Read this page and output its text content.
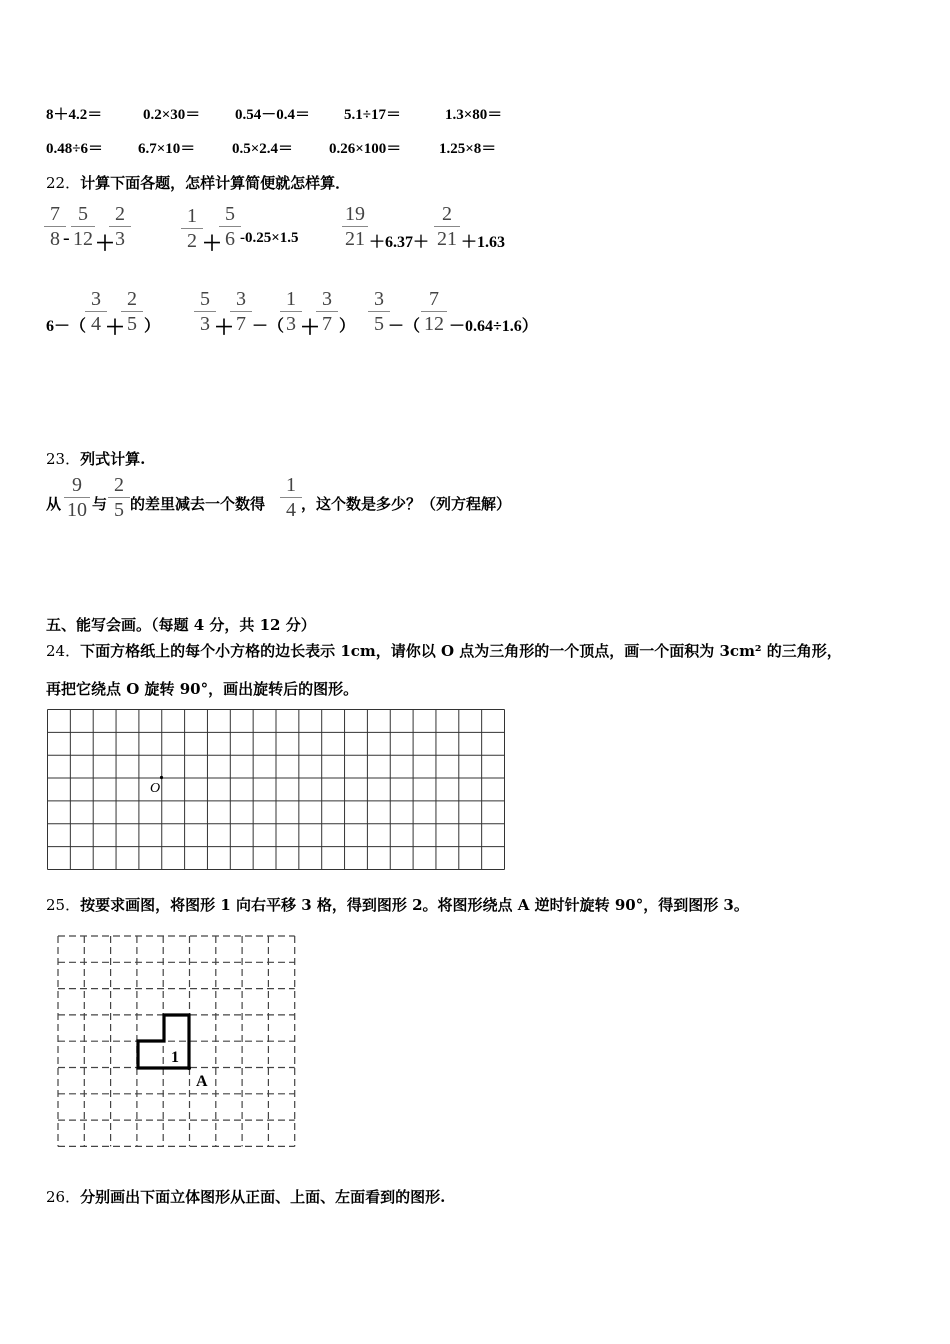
8＋4.2＝	0.2×30＝ 0.54－0.4＝ 5.1÷17＝	1.3×80＝
0.48÷6＝ 6.7×10＝ 0.5×2.4＝ 0.26×100＝	1.25×8＝
22．计算下面各题，怎样计算简便就怎样算．
7
8 -
5
12 ＋
2
3
1
2 ＋
5
6 -0.25×1.5
19
21 ＋6.37＋
2
21 ＋1.63
6－（
3
4 ＋
2
5 ）
5
3 ＋
3
7 －（
1
3 ＋
3
7 ）
3
5 －（
7
12 －0.64÷1.6）
23．列式计算.
从
9
10 与
2
5 的差里减去一个数得
1
4 ，这个数是多少？（列方程解）
五、能写会画。（每题 4 分，共 12 分）
24．下面方格纸上的每个小方格的边长表示 1cm，请你以 O 点为三角形的一个顶点，画一个面积为 3cm² 的三角形，
再把它绕点 O 旋转 90°，画出旋转后的图形。
O
25．按要求画图，将图形 1 向右平移 3 格，得到图形 2。将图形绕点 A 逆时针旋转 90°，得到图形 3。
1
A
26．分别画出下面立体图形从正面、上面、左面看到的图形.
